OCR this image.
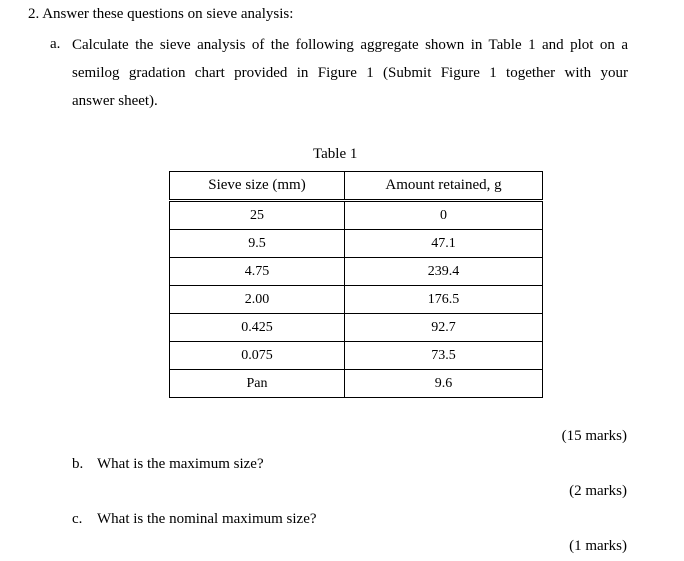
2. Answer these questions on sieve analysis:
a. Calculate the sieve analysis of the following aggregate shown in Table 1 and plot on a
semilog gradation chart provided in Figure 1 (Submit Figure 1 together with your
answer sheet).
Table 1
Sieve size (mm)	Amount retained, g
25	0
9.5	47.1
4.75	239.4
2.00	176.5
0.425	92.7
0.075	73.5
Pan	9.6
(15 marks)
b. What is the maximum size?
(2 marks)
c. What is the nominal maximum size?
(1 marks)
